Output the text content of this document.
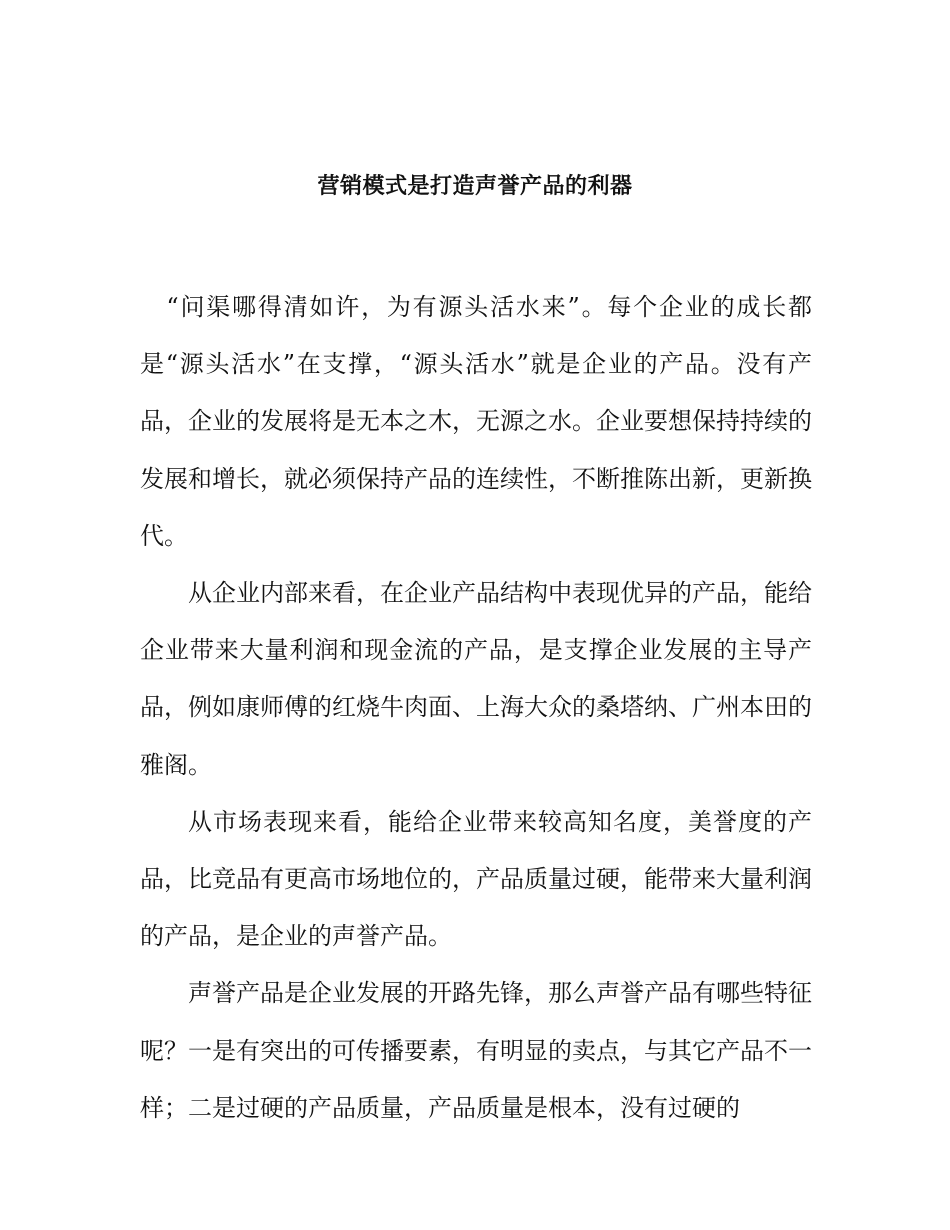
营销模式是打造声誉产品的利器

“问渠哪得清如许，为有源头活水来”。每个企业的成长都是“源头活水”在支撑，“源头活水”就是企业的产品。没有产品，企业的发展将是无本之木，无源之水。企业要想保持持续的发展和增长，就必须保持产品的连续性，不断推陈出新，更新换代。

从企业内部来看，在企业产品结构中表现优异的产品，能给企业带来大量利润和现金流的产品，是支撑企业发展的主导产品，例如康师傅的红烧牛肉面、上海大众的桑塔纳、广州本田的雅阁。

从市场表现来看，能给企业带来较高知名度，美誉度的产品，比竞品有更高市场地位的，产品质量过硬，能带来大量利润的产品，是企业的声誉产品。

声誉产品是企业发展的开路先锋，那么声誉产品有哪些特征呢？一是有突出的可传播要素，有明显的卖点，与其它产品不一样；二是过硬的产品质量，产品质量是根本，没有过硬的
